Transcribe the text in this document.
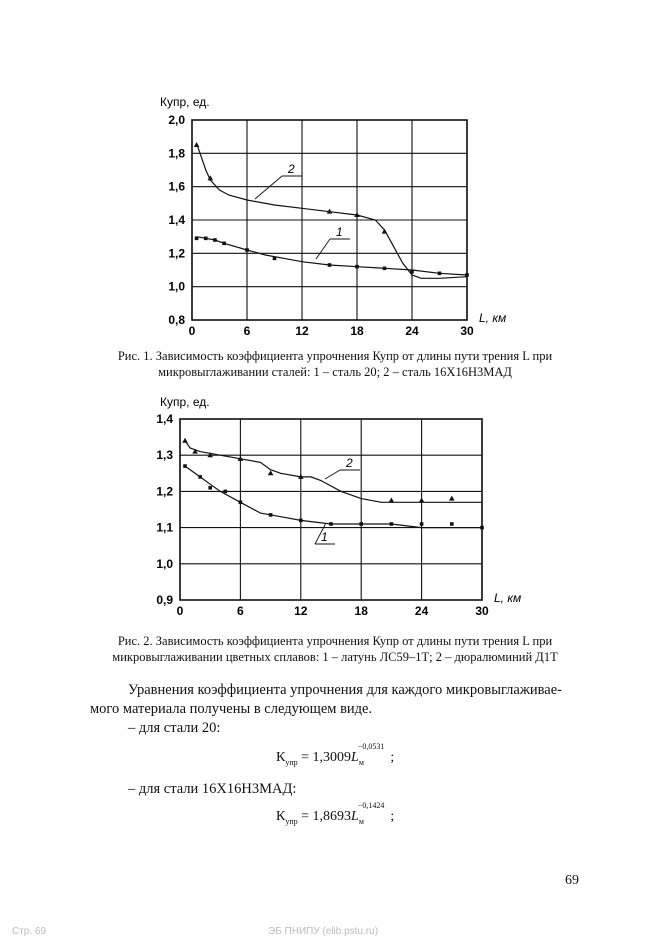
0	6	12	18	24	30
0,8
1,0
1,2
1,4
1,6
1,8
2,0
Купр, ед.
L, км
1
2
Рис. 1. Зависимость коэффициента упрочнения Купр от длины пути трения L при
микровыглаживании сталей: 1 – сталь 20; 2 – сталь 16Х16Н3МАД
0	6	12	18	24	30
0,9
1,0
1,1
1,2
1,3
1,4
Купр, ед.
L, км
1
2
Рис. 2. Зависимость коэффициента упрочнения Купр от длины пути трения L при
микровыглаживании цветных сплавов: 1 – латунь ЛС59–1Т; 2 – дюралюминий Д1Т
Уравнения коэффициента упрочнения для каждого микровыглаживае-
мого материала получены в следующем виде.
– для стали 20:
$К_{упр} = 1,3009L_м^{-0,0531}$;
– для стали 16Х16Н3МАД:
$К_{упр} = 1,8693L_м^{-0,1424}$;
69
Стр. 69	ЭБ ПНИПУ (elib.pstu.ru)
